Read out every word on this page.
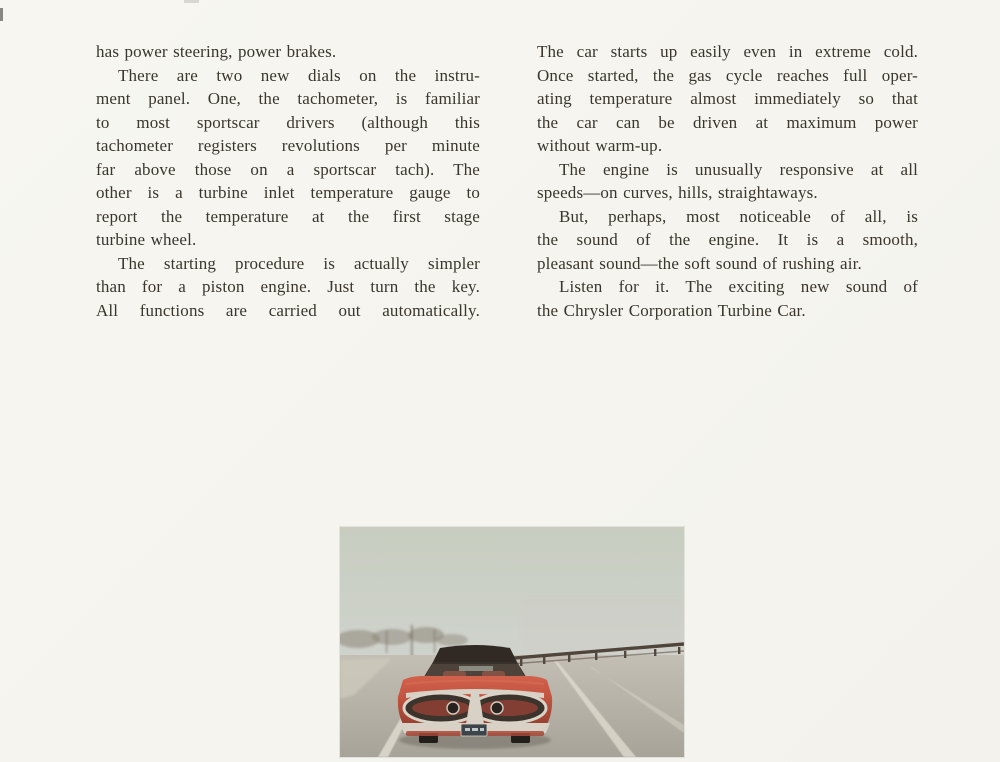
has power steering, power brakes.
There are two new dials on the instru-
ment panel. One, the tachometer, is familiar
to most sportscar drivers (although this
tachometer registers revolutions per minute
far above those on a sportscar tach). The
other is a turbine inlet temperature gauge to
report the temperature at the first stage
turbine wheel.
The starting procedure is actually simpler
than for a piston engine. Just turn the key.
All functions are carried out automatically.
The car starts up easily even in extreme cold.
Once started, the gas cycle reaches full oper-
ating temperature almost immediately so that
the car can be driven at maximum power
without warm-up.
The engine is unusually responsive at all
speeds—on curves, hills, straightaways.
But, perhaps, most noticeable of all, is
the sound of the engine. It is a smooth,
pleasant sound—the soft sound of rushing air.
Listen for it. The exciting new sound of
the Chrysler Corporation Turbine Car.
